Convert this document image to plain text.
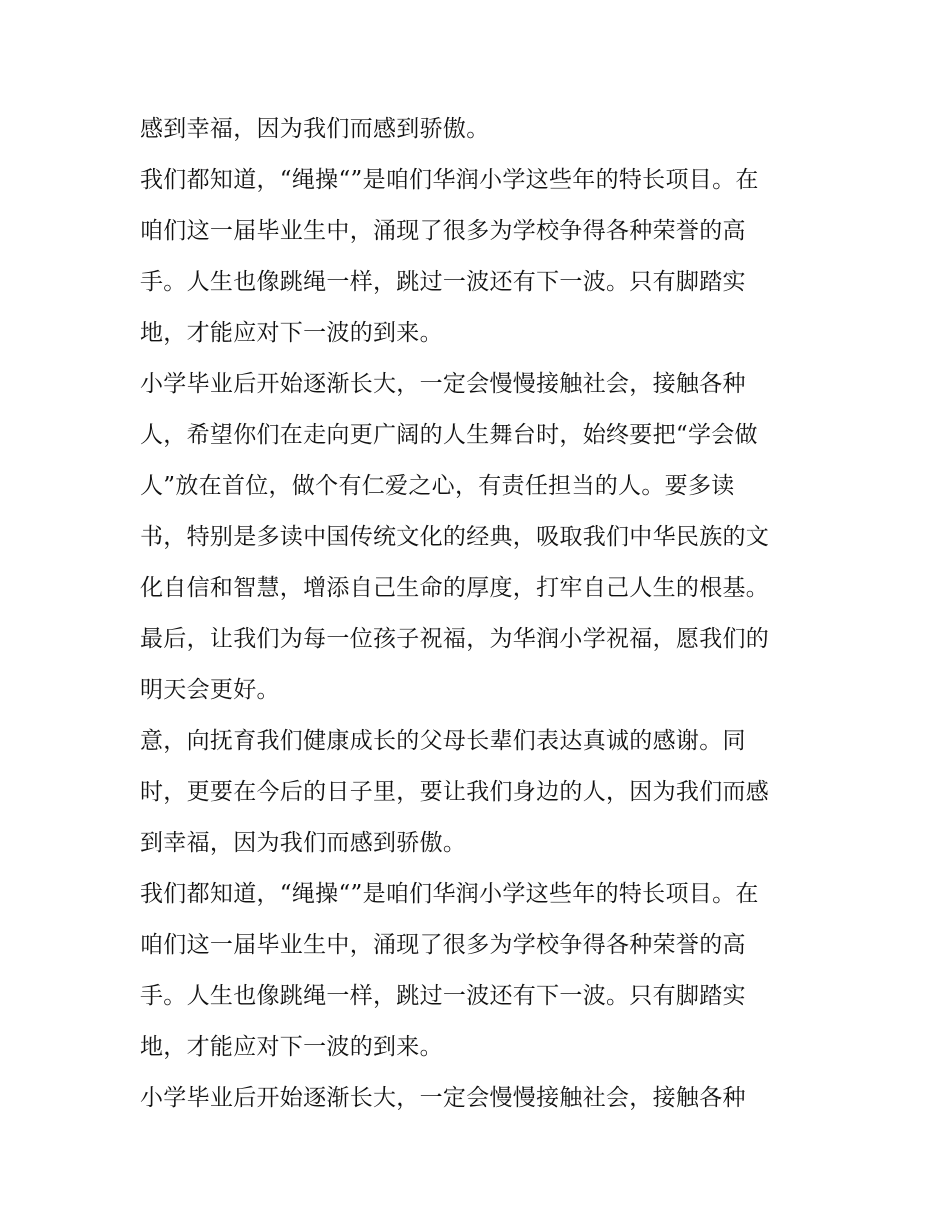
感到幸福，因为我们而感到骄傲。

我们都知道，“绳操“”是咱们华润小学这些年的特长项目。在

咱们这一届毕业生中，涌现了很多为学校争得各种荣誉的高

手。人生也像跳绳一样，跳过一波还有下一波。只有脚踏实

地，才能应对下一波的到来。

小学毕业后开始逐渐长大，一定会慢慢接触社会，接触各种

人，希望你们在走向更广阔的人生舞台时，始终要把“学会做

人”放在首位，做个有仁爱之心，有责任担当的人。要多读

书，特别是多读中国传统文化的经典，吸取我们中华民族的文

化自信和智慧，增添自己生命的厚度，打牢自己人生的根基。

最后，让我们为每一位孩子祝福，为华润小学祝福，愿我们的

明天会更好。

意，向抚育我们健康成长的父母长辈们表达真诚的感谢。同

时，更要在今后的日子里，要让我们身边的人，因为我们而感

到幸福，因为我们而感到骄傲。

我们都知道，“绳操“”是咱们华润小学这些年的特长项目。在

咱们这一届毕业生中，涌现了很多为学校争得各种荣誉的高

手。人生也像跳绳一样，跳过一波还有下一波。只有脚踏实

地，才能应对下一波的到来。

小学毕业后开始逐渐长大，一定会慢慢接触社会，接触各种
